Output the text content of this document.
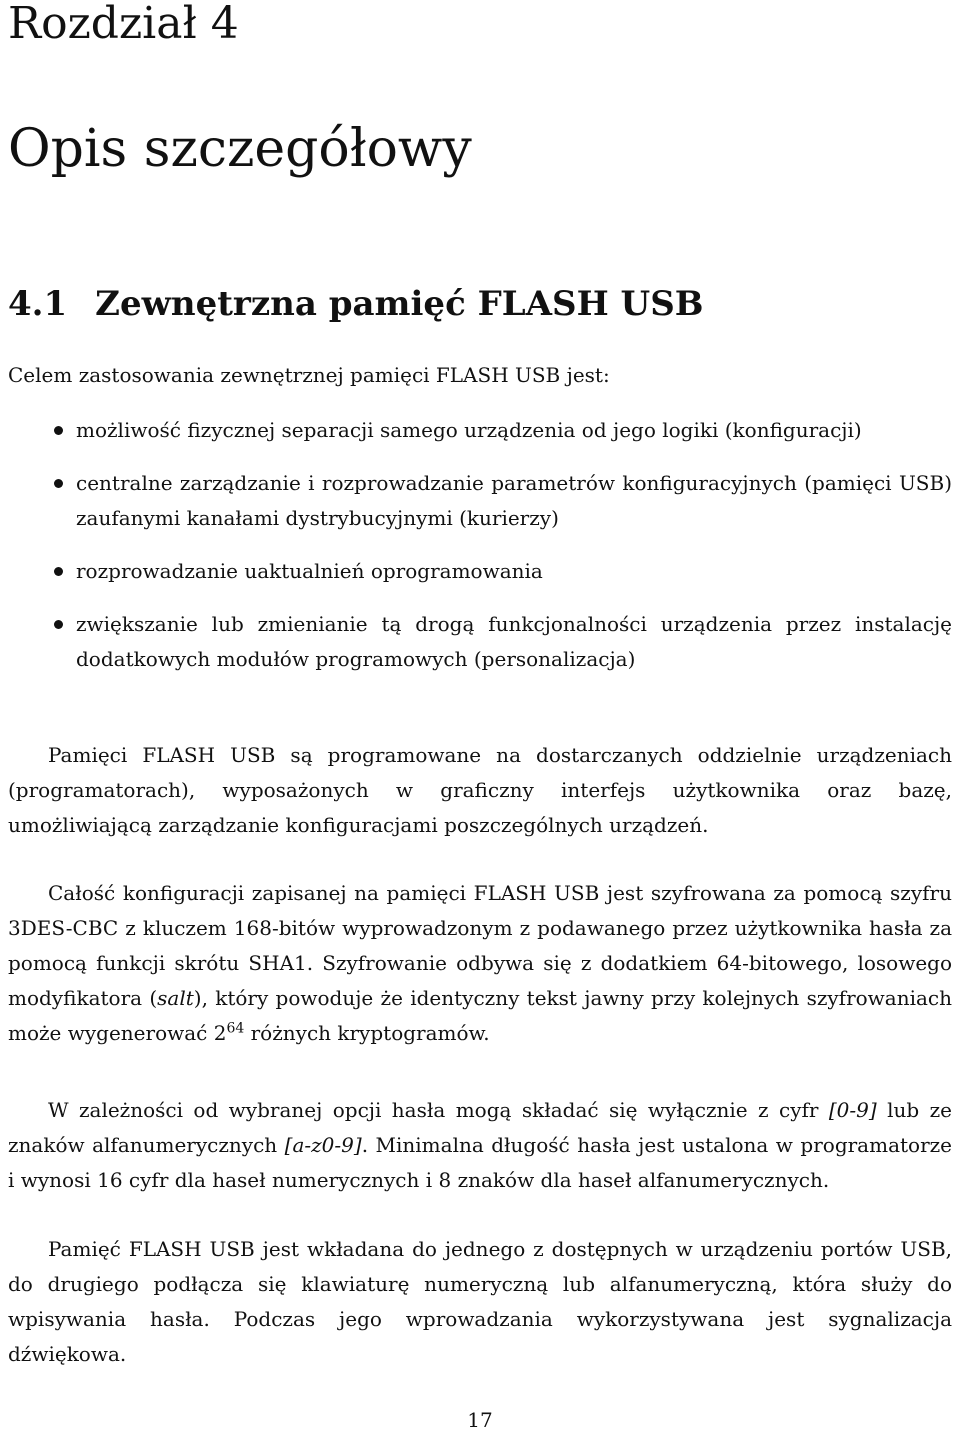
Rozdział 4
Opis szczegółowy
4.1 Zewnętrzna pamięć FLASH USB
Celem zastosowania zewnętrznej pamięci FLASH USB jest:
możliwość fizycznej separacji samego urządzenia od jego logiki (konfiguracji)
centralne zarządzanie i rozprowadzanie parametrów konfiguracyjnych (pamięci USB) zaufanymi kanałami dystrybucyjnymi (kurierzy)
rozprowadzanie uaktualnień oprogramowania
zwiększanie lub zmienianie tą drogą funkcjonalności urządzenia przez instalację dodatkowych modułów programowych (personalizacja)

Pamięci FLASH USB są programowane na dostarczanych oddzielnie urządzeniach (programatorach), wyposażonych w graficzny interfejs użytkownika oraz bazę, umożliwiającą zarządzanie konfiguracjami poszczególnych urządzeń.

Całość konfiguracji zapisanej na pamięci FLASH USB jest szyfrowana za pomocą szyfru 3DES-CBC z kluczem 168-bitów wyprowadzonym z podawanego przez użytkownika hasła za pomocą funkcji skrótu SHA1. Szyfrowanie odbywa się z dodatkiem 64-bitowego, losowego modyfikatora (salt), który powoduje że identyczny tekst jawny przy kolejnych szyfrowaniach może wygenerować $2^{64}$ różnych kryptogramów.

W zależności od wybranej opcji hasła mogą składać się wyłącznie z cyfr [0-9] lub ze znaków alfanumerycznych [a-z0-9]. Minimalna długość hasła jest ustalona w programatorze i wynosi 16 cyfr dla haseł numerycznych i 8 znaków dla haseł alfanumerycznych.

Pamięć FLASH USB jest wkładana do jednego z dostępnych w urządzeniu portów USB, do drugiego podłącza się klawiaturę numeryczną lub alfanumeryczną, która służy do wpisywania hasła. Podczas jego wprowadzania wykorzystywana jest sygnalizacja dźwiękowa.

17
